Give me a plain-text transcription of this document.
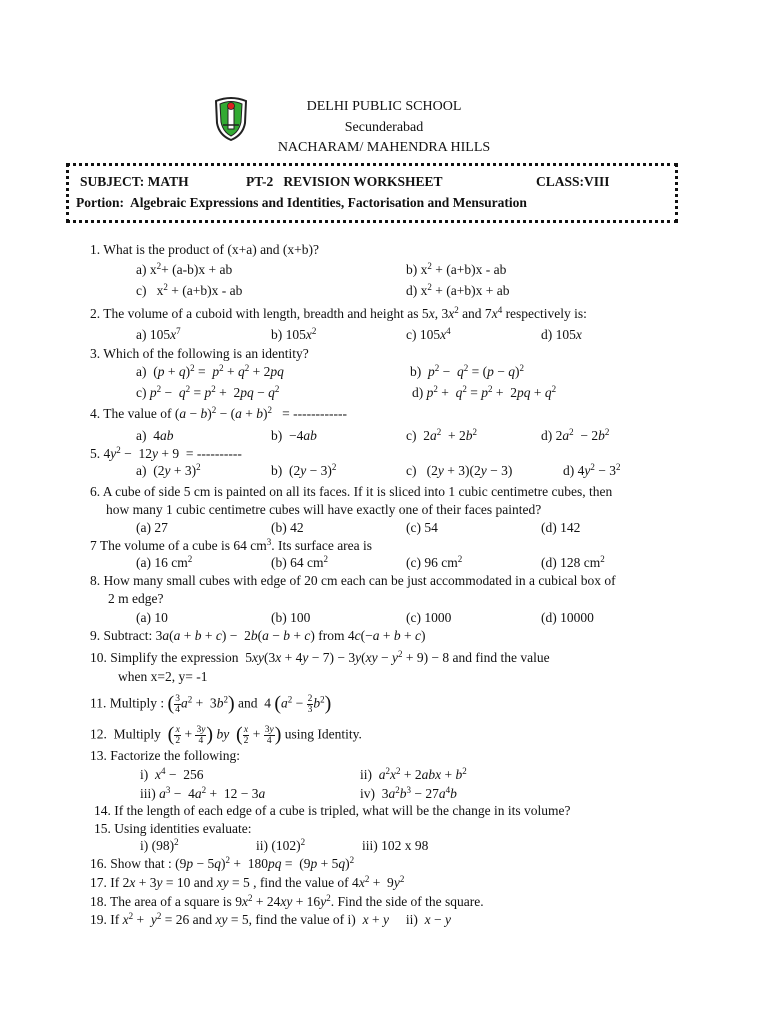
DELHI PUBLIC SCHOOL
Secunderabad
NACHARAM/ MAHENDRA HILLS
SUBJECT: MATH	PT-2   REVISION WORKSHEET	CLASS:VIII
Portion:  Algebraic Expressions and Identities, Factorisation and Mensuration
1. What is the product of (x+a) and (x+b)?
a) $x^2+ (a-b)x$ + ab	b) $x^2 + (a+b)x$ - ab
c)   $x^2 + (a+b)x$ - ab	d) $x^2 + (a+b)x$ + ab
2. The volume of a cuboid with length, breadth and height as 5x, $3x^2$ and $7x^4$ respectively is:
a) $105x^7$	b) $105x^2$	c) $105x^4$	d) 105x
3. Which of the following is an identity?
a)  $(p + q)^2 = p^2 + q^2 + 2pq$	b)  $p^2 - q^2 = (p - q)^2$
c) $p^2 - q^2 = p^2 + 2pq - q^2$	d) $p^2 + q^2 = p^2 + 2pq + q^2$
4. The value of $(a - b)^2 - (a + b)^2$   = ------------
a)  4ab	b)  −4ab	c)  $2a^2 + 2b^2$	d) $2a^2 - 2b^2$
5. $4y^2 - 12y + 9$  = ----------
a)  $(2y + 3)^2$	b)  $(2y - 3)^2$	c)   (2y + 3)(2y − 3)	d) $4y^2 - 3^2$
6. A cube of side 5 cm is painted on all its faces. If it is sliced into 1 cubic centimetre cubes, then
how many 1 cubic centimetre cubes will have exactly one of their faces painted?
(a) 27	(b) 42	(c) 54	(d) 142
7 The volume of a cube is 64 $cm^3$. Its surface area is
(a) 16 $cm^2$	(b) 64 $cm^2$	(c) 96 $cm^2$	(d) 128 $cm^2$
8. How many small cubes with edge of 20 cm each can be just accommodated in a cubical box of
2 m edge?
(a) 10	(b) 100	(c) 1000	(d) 10000
9. Subtract: 3a(a + b + c) −  2b(a − b + c) from 4c(−a + b + c)
10. Simplify the expression  $5xy(3x + 4y - 7) - 3y(xy - y^2 + 9) - 8$ and find the value
when x=2, y= -1
11. Multiply : ( $\frac{3}{4} a^2 + 3b^2$) and  4 $(a^2 - \frac{2}{3} b^2)$
12.  Multiply  ( $\frac{x}{2} + \frac{3y}{4}$ ) by ( $\frac{x}{2} + \frac{3y}{4}$ ) using Identity.
13. Factorize the following:
i)  $x^4 - 256$	ii)  $a^2x^2 + 2abx + b^2$
iii) $a^3 - 4a^2 + 12 - 3a$	iv)  $3a^2b^3 - 27a^4b$
14. If the length of each edge of a cube is tripled, what will be the change in its volume?
15. Using identities evaluate:
i) $(98)^2$	ii) $(102)^2$	iii) 102 x 98
16. Show that : $(9p - 5q)^2 + 180pq = (9p + 5q)^2$
17. If 2x + 3y = 10 and xy = 5 , find the value of $4x^2 + 9y^2$
18. The area of a square is $9x^2 + 24xy + 16y^2$. Find the side of the square.
19. If $x^2 + y^2 = 26$ and xy = 5, find the value of i)  x + y     ii)  x − y
